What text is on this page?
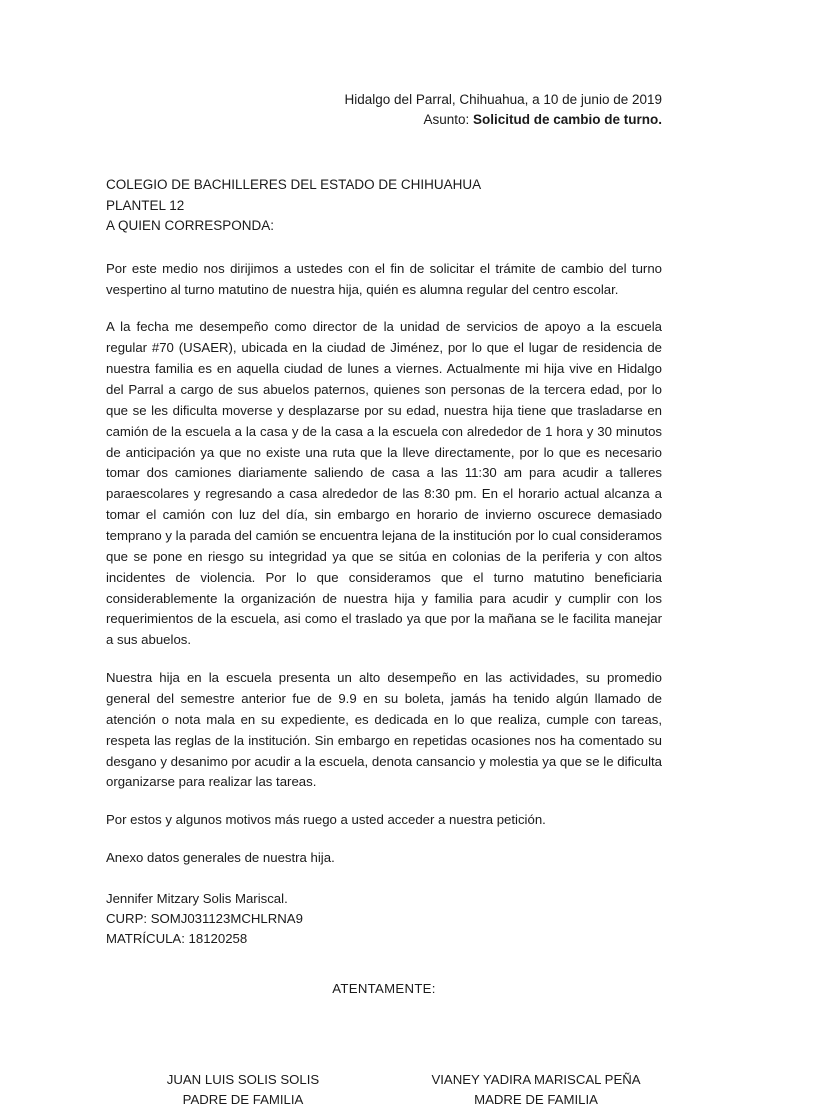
Hidalgo del Parral, Chihuahua, a 10 de junio de 2019
Asunto: Solicitud de cambio de turno.
COLEGIO DE BACHILLERES DEL ESTADO DE CHIHUAHUA
PLANTEL 12
A QUIEN CORRESPONDA:

Por este medio nos dirijimos a ustedes con el fin de solicitar el trámite de cambio del turno vespertino al turno matutino de nuestra hija, quién es alumna regular del centro escolar.

A la fecha me desempeño como director de la unidad de servicios de apoyo a la escuela regular #70 (USAER), ubicada en la ciudad de Jiménez, por lo que el lugar de residencia de nuestra familia es en aquella ciudad de lunes a viernes. Actualmente mi hija vive en Hidalgo del Parral a cargo de sus abuelos paternos, quienes son personas de la tercera edad, por lo que se les dificulta moverse y desplazarse por su edad, nuestra hija tiene que trasladarse en camión de la escuela a la casa y de la casa a la escuela con alrededor de 1 hora y 30 minutos de anticipación ya que no existe una ruta que la lleve directamente, por lo que es necesario tomar dos camiones diariamente saliendo de casa a las 11:30 am para acudir a talleres paraescolares y regresando a casa alrededor de las 8:30 pm. En el horario actual alcanza a tomar el camión con luz del día, sin embargo en horario de invierno oscurece demasiado temprano y la parada del camión se encuentra lejana de la institución por lo cual consideramos que se pone en riesgo su integridad ya que se sitúa en colonias de la periferia y con altos incidentes de violencia. Por lo que consideramos que el turno matutino beneficiaria considerablemente la organización de nuestra hija y familia para acudir y cumplir con los requerimientos de la escuela, asi como el traslado ya que por la mañana se le facilita manejar a sus abuelos.

Nuestra hija en la escuela presenta un alto desempeño en las actividades, su promedio general del semestre anterior fue de 9.9 en su boleta, jamás ha tenido algún llamado de atención o nota mala en su expediente, es dedicada en lo que realiza, cumple con tareas, respeta las reglas de la institución. Sin embargo en repetidas ocasiones nos ha comentado su desgano y desanimo por acudir a la escuela, denota cansancio y molestia ya que se le dificulta organizarse para realizar las tareas.

Por estos y algunos motivos más ruego a usted acceder a nuestra petición.

Anexo datos generales de nuestra hija.

Jennifer Mitzary Solis Mariscal.
CURP: SOMJ031123MCHLRNA9
MATRÍCULA: 18120258
ATENTAMENTE:
JUAN LUIS SOLIS SOLIS
PADRE DE FAMILIA
VIANEY YADIRA MARISCAL PEÑA
MADRE DE FAMILIA
